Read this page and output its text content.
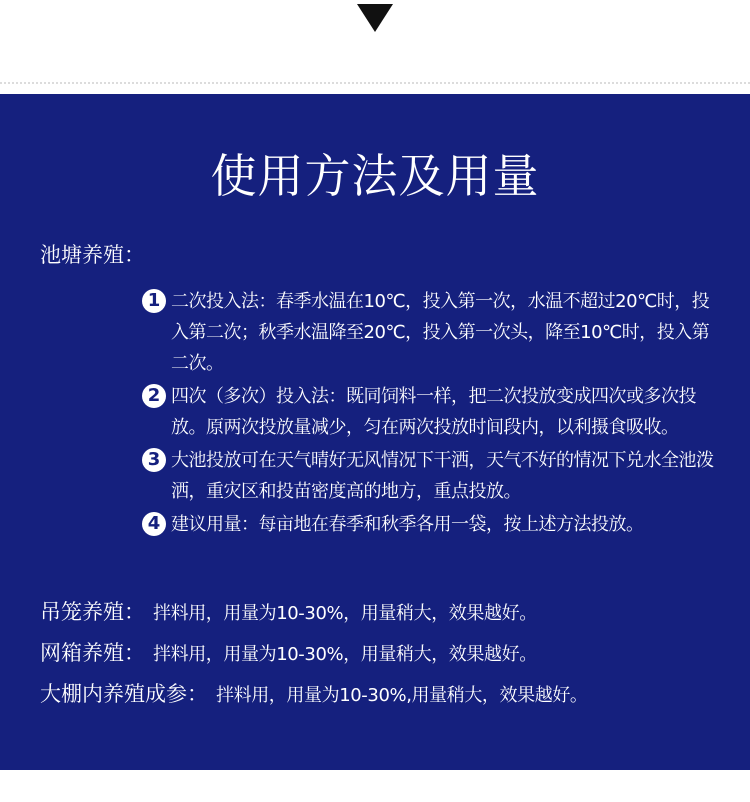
使用方法及用量
池塘养殖：
1 二次投入法：春季水温在10℃，投入第一次，水温不超过20℃时，投入第二次；秋季水温降至20℃，投入第一次头，降至10℃时，投入第二次。
2 四次（多次）投入法：既同饲料一样，把二次投放变成四次或多次投放。原两次投放量减少，匀在两次投放时间段内，以利摄食吸收。
3 大池投放可在天气晴好无风情况下干洒，天气不好的情况下兑水全池泼洒，重灾区和投苗密度高的地方，重点投放。
4 建议用量：每亩地在春季和秋季各用一袋，按上述方法投放。
吊笼养殖： 拌料用，用量为10-30%，用量稍大，效果越好。
网箱养殖： 拌料用，用量为10-30%，用量稍大，效果越好。
大棚内养殖成参： 拌料用，用量为10-30%,用量稍大，效果越好。
